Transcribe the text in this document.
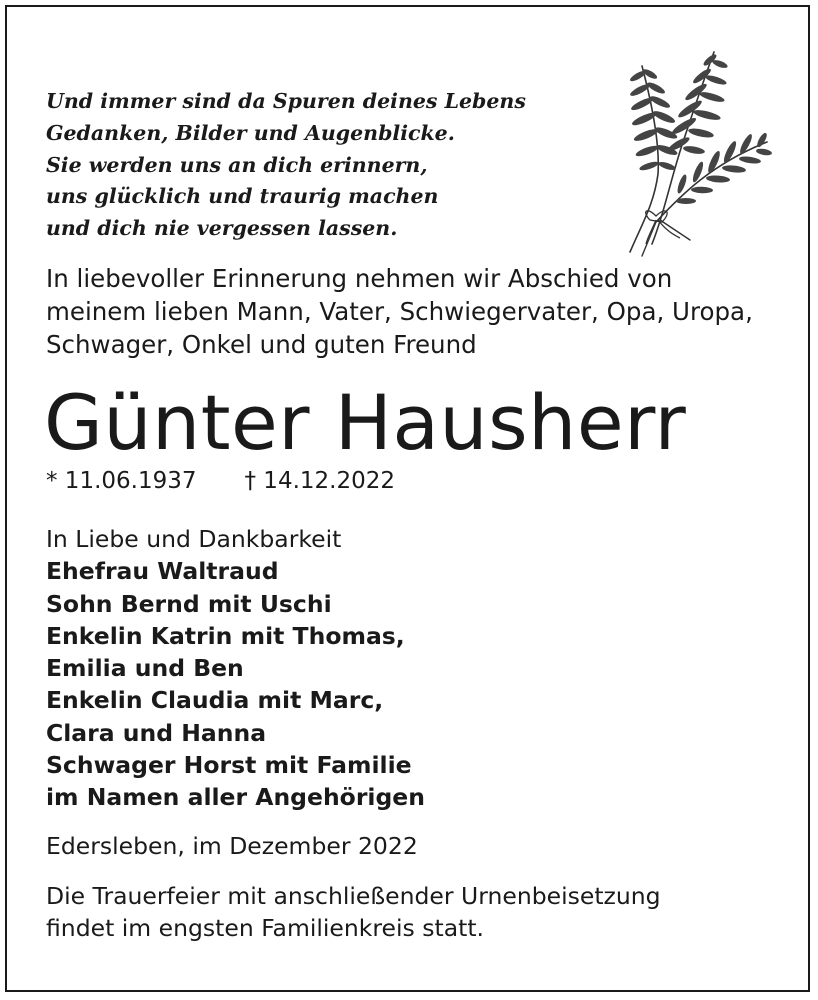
Und immer sind da Spuren deines Lebens
Gedanken, Bilder und Augenblicke.
Sie werden uns an dich erinnern,
uns glücklich und traurig machen
und dich nie vergessen lassen.
In liebevoller Erinnerung nehmen wir Abschied von
meinem lieben Mann, Vater, Schwiegervater, Opa, Uropa,
Schwager, Onkel und guten Freund
Günter Hausherr
* 11.06.1937 † 14.12.2022
In Liebe und Dankbarkeit
Ehefrau Waltraud
Sohn Bernd mit Uschi
Enkelin Katrin mit Thomas,
Emilia und Ben
Enkelin Claudia mit Marc,
Clara und Hanna
Schwager Horst mit Familie
im Namen aller Angehörigen
Edersleben, im Dezember 2022
Die Trauerfeier mit anschließender Urnenbeisetzung
findet im engsten Familienkreis statt.
